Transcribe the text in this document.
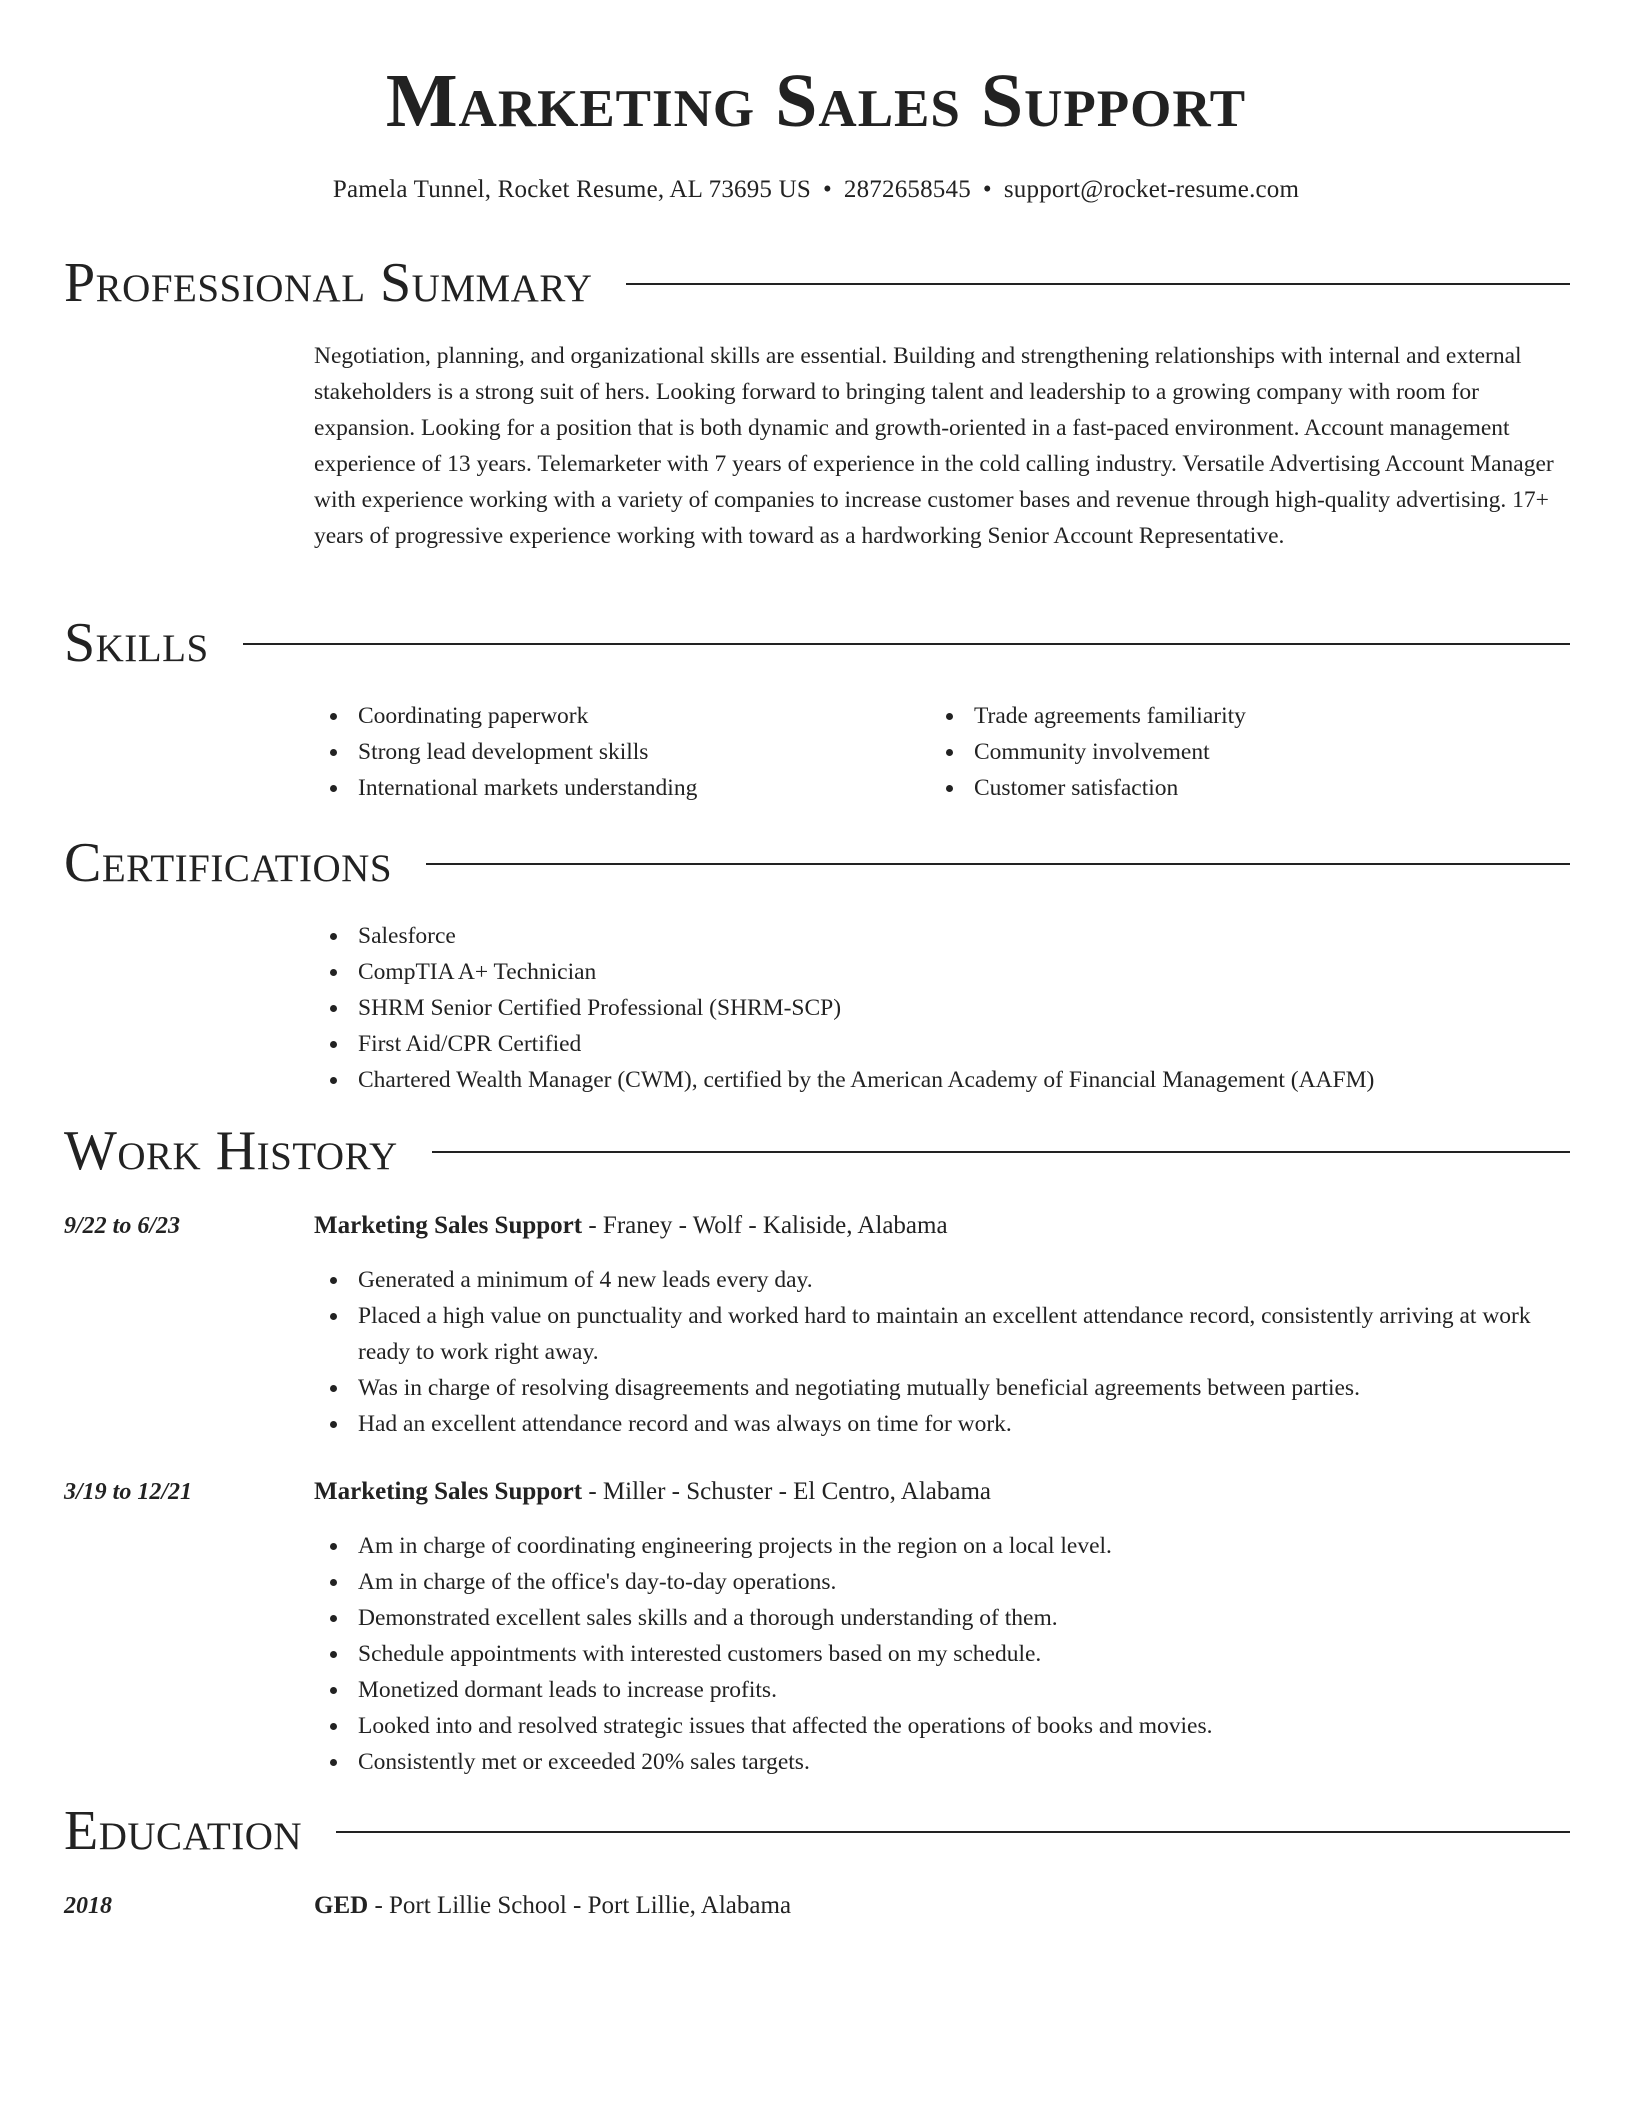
Marketing Sales Support
Pamela Tunnel, Rocket Resume, AL 73695 US • 2872658545 • support@rocket-resume.com
Professional Summary

Negotiation, planning, and organizational skills are essential. Building and strengthening relationships with internal and external stakeholders is a strong suit of hers. Looking forward to bringing talent and leadership to a growing company with room for expansion. Looking for a position that is both dynamic and growth-oriented in a fast-paced environment. Account management experience of 13 years. Telemarketer with 7 years of experience in the cold calling industry. Versatile Advertising Account Manager with experience working with a variety of companies to increase customer bases and revenue through high-quality advertising. 17+ years of progressive experience working with toward as a hardworking Senior Account Representative.

Skills
Coordinating paperwork
Strong lead development skills
International markets understanding
Trade agreements familiarity
Community involvement
Customer satisfaction
Certifications
Salesforce
CompTIA A+ Technician
SHRM Senior Certified Professional (SHRM-SCP)
First Aid/CPR Certified
Chartered Wealth Manager (CWM), certified by the American Academy of Financial Management (AAFM)
Work History
9/22 to 6/23	Marketing Sales Support - Franey - Wolf - Kaliside, Alabama
Generated a minimum of 4 new leads every day.
Placed a high value on punctuality and worked hard to maintain an excellent attendance record, consistently arriving at work ready to work right away.
Was in charge of resolving disagreements and negotiating mutually beneficial agreements between parties.
Had an excellent attendance record and was always on time for work.
3/19 to 12/21	Marketing Sales Support - Miller - Schuster - El Centro, Alabama
Am in charge of coordinating engineering projects in the region on a local level.
Am in charge of the office's day-to-day operations.
Demonstrated excellent sales skills and a thorough understanding of them.
Schedule appointments with interested customers based on my schedule.
Monetized dormant leads to increase profits.
Looked into and resolved strategic issues that affected the operations of books and movies.
Consistently met or exceeded 20% sales targets.
Education
2018	GED - Port Lillie School - Port Lillie, Alabama
